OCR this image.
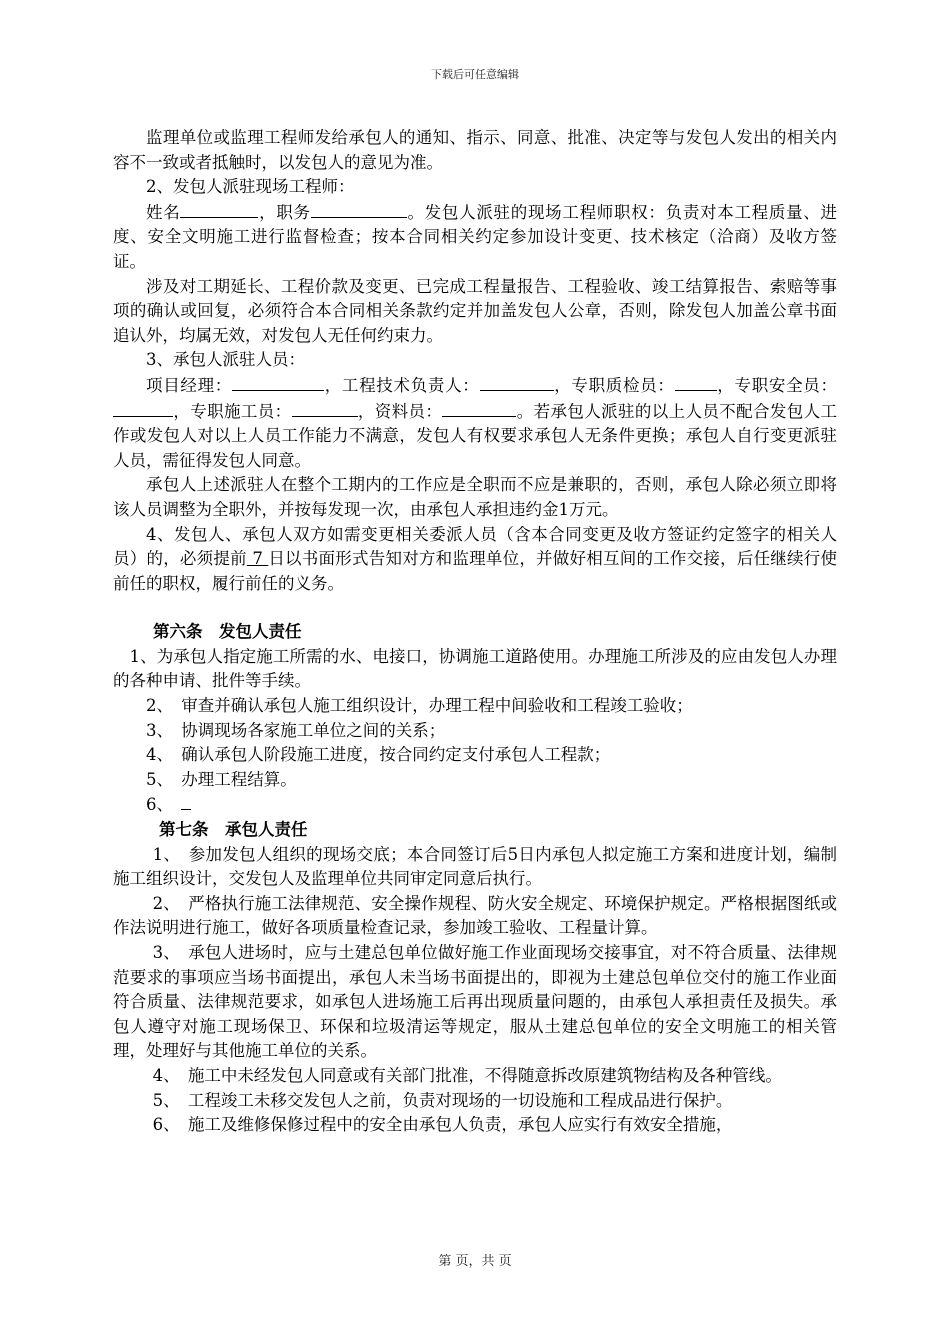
下载后可任意编辑

监理单位或监理工程师发给承包人的通知、指示、同意、批准、决定等与发包人发出的相关内容不一致或者抵触时，以发包人的意见为准。

2、发包人派驻现场工程师：

姓名	，职务	。发包人派驻的现场工程师职权：负责对本工程质量、进度、安全文明施工进行监督检查；按本合同相关约定参加设计变更、技术核定（洽商）及收方签证。

涉及对工期延长、工程价款及变更、已完成工程量报告、工程验收、竣工结算报告、索赔等事项的确认或回复，必须符合本合同相关条款约定并加盖发包人公章，否则，除发包人加盖公章书面追认外，均属无效，对发包人无任何约束力。

3、承包人派驻人员：

项目经理：	，工程技术负责人：	，专职质检员：	，专职安全员：，专职施工员：	，资料员：	。若承包人派驻的以上人员不配合发包人工作或发包人对以上人员工作能力不满意，发包人有权要求承包人无条件更换；承包人自行变更派驻人员，需征得发包人同意。

承包人上述派驻人在整个工期内的工作应是全职而不应是兼职的，否则，承包人除必须立即将该人员调整为全职外，并按每发现一次，由承包人承担违约金1万元。

4、发包人、承包人双方如需变更相关委派人员（含本合同变更及收方签证约定签字的相关人员）的，必须提前 7 日以书面形式告知对方和监理单位，并做好相互间的工作交接，后任继续行使前任的职权，履行前任的义务。

第六条　发包人责任

1、为承包人指定施工所需的水、电接口，协调施工道路使用。办理施工所涉及的应由发包人办理的各种申请、批件等手续。

2、　审查并确认承包人施工组织设计，办理工程中间验收和工程竣工验收；

3、　协调现场各家施工单位之间的关系；

4、　确认承包人阶段施工进度，按合同约定支付承包人工程款；

5、　办理工程结算。

6、　

第七条　承包人责任

1、　参加发包人组织的现场交底；本合同签订后5日内承包人拟定施工方案和进度计划，编制施工组织设计，交发包人及监理单位共同审定同意后执行。

2、　严格执行施工法律规范、安全操作规程、防火安全规定、环境保护规定。严格根据图纸或作法说明进行施工，做好各项质量检查记录，参加竣工验收、工程量计算。

3、　承包人进场时，应与土建总包单位做好施工作业面现场交接事宜，对不符合质量、法律规范要求的事项应当场书面提出，承包人未当场书面提出的，即视为土建总包单位交付的施工作业面符合质量、法律规范要求，如承包人进场施工后再出现质量问题的，由承包人承担责任及损失。承包人遵守对施工现场保卫、环保和垃圾清运等规定，服从土建总包单位的安全文明施工的相关管理，处理好与其他施工单位的关系。

4、　施工中未经发包人同意或有关部门批准，不得随意拆改原建筑物结构及各种管线。

5、　工程竣工未移交发包人之前，负责对现场的一切设施和工程成品进行保护。

6、　施工及维修保修过程中的安全由承包人负责，承包人应实行有效安全措施，

第 页，共 页
